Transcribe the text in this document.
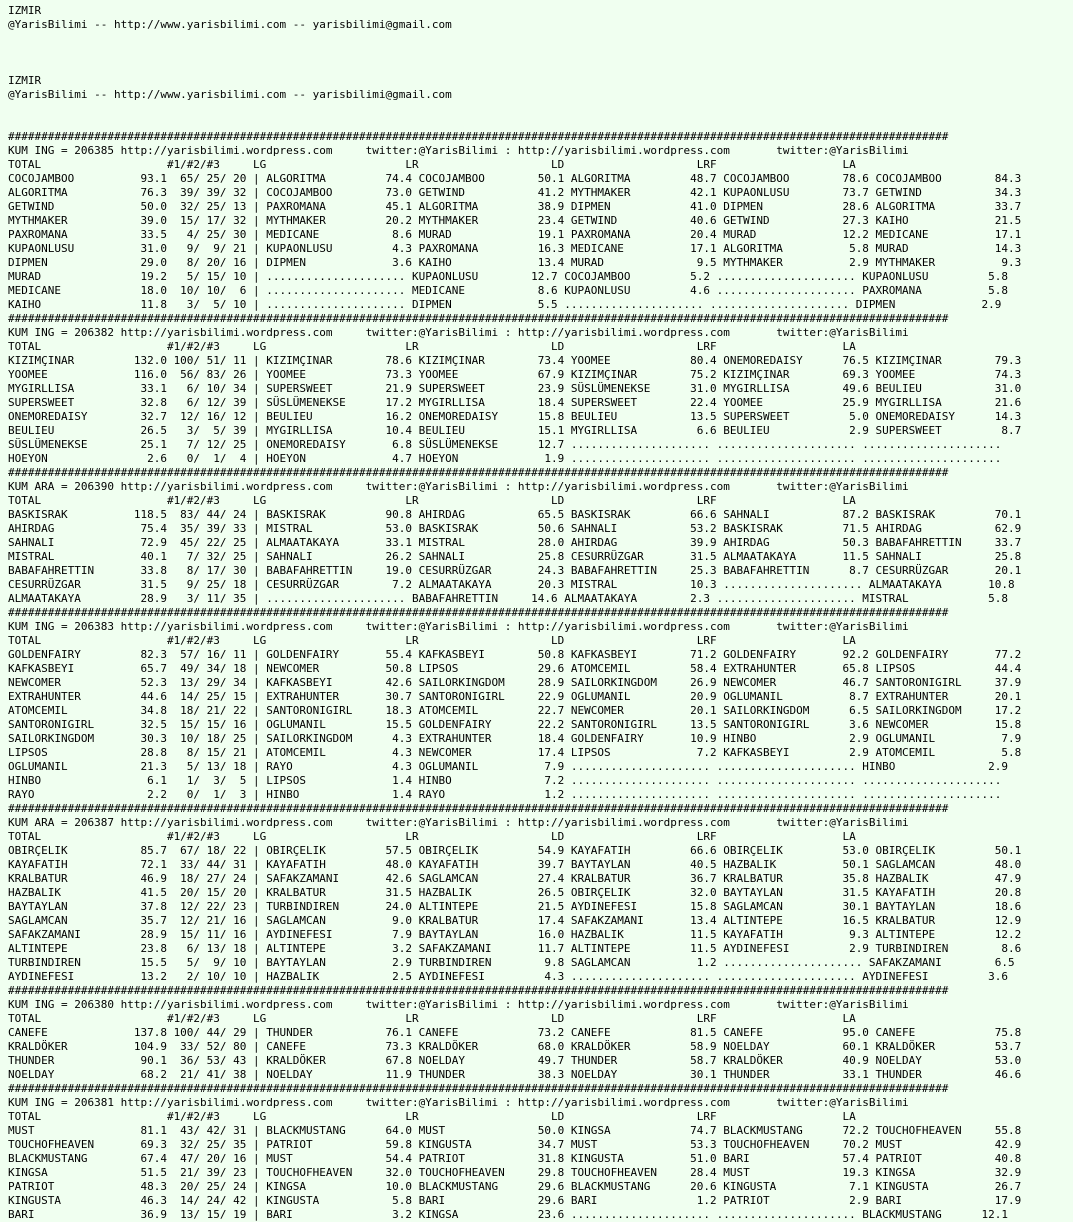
IZMIR
@YarisBilimi -- http://www.yarisbilimi.com -- yarisbilimi@gmail.com
IZMIR
@YarisBilimi -- http://www.yarisbilimi.com -- yarisbilimi@gmail.com
##############################################################################################################################################
KUM ING = 206385 http://yarisbilimi.wordpress.com     twitter:@YarisBilimi : http://yarisbilimi.wordpress.com       twitter:@YarisBilimi
TOTAL                   #1/#2/#3     LG                     LR                    LD                    LRF                   LA
COCOJAMBOO          93.1  65/ 25/ 20 | ALGORITMA         74.4 COCOJAMBOO        50.1 ALGORITMA         48.7 COCOJAMBOO        78.6 COCOJAMBOO        84.3
ALGORITMA           76.3  39/ 39/ 32 | COCOJAMBOO        73.0 GETWIND           41.2 MYTHMAKER         42.1 KUPAONLUSU        73.7 GETWIND           34.3
GETWIND             50.0  32/ 25/ 13 | PAXROMANA         45.1 ALGORITMA         38.9 DIPMEN            41.0 DIPMEN            28.6 ALGORITMA         33.7
MYTHMAKER           39.0  15/ 17/ 32 | MYTHMAKER         20.2 MYTHMAKER         23.4 GETWIND           40.6 GETWIND           27.3 KAIHO             21.5
PAXROMANA           33.5   4/ 25/ 30 | MEDICANE           8.6 MURAD             19.1 PAXROMANA         20.4 MURAD             12.2 MEDICANE          17.1
KUPAONLUSU          31.0   9/  9/ 21 | KUPAONLUSU         4.3 PAXROMANA         16.3 MEDICANE          17.1 ALGORITMA          5.8 MURAD             14.3
DIPMEN              29.0   8/ 20/ 16 | DIPMEN             3.6 KAIHO             13.4 MURAD              9.5 MYTHMAKER          2.9 MYTHMAKER          9.3
MURAD               19.2   5/ 15/ 10 | ..................... KUPAONLUSU        12.7 COCOJAMBOO         5.2 ..................... KUPAONLUSU         5.8
MEDICANE            18.0  10/ 10/  6 | ..................... MEDICANE           8.6 KUPAONLUSU         4.6 ..................... PAXROMANA          5.8
KAIHO               11.8   3/  5/ 10 | ..................... DIPMEN             5.5 ..................... ..................... DIPMEN             2.9
##############################################################################################################################################
KUM ING = 206382 http://yarisbilimi.wordpress.com     twitter:@YarisBilimi : http://yarisbilimi.wordpress.com       twitter:@YarisBilimi
TOTAL                   #1/#2/#3     LG                     LR                    LD                    LRF                   LA
KIZIMÇINAR         132.0 100/ 51/ 11 | KIZIMÇINAR        78.6 KIZIMÇINAR        73.4 YOOMEE            80.4 ONEMOREDAISY      76.5 KIZIMÇINAR        79.3
YOOMEE             116.0  56/ 83/ 26 | YOOMEE            73.3 YOOMEE            67.9 KIZIMÇINAR        75.2 KIZIMÇINAR        69.3 YOOMEE            74.3
MYGIRLLISA          33.1   6/ 10/ 34 | SUPERSWEET        21.9 SUPERSWEET        23.9 SÜSLÜMENEKSE      31.0 MYGIRLLISA        49.6 BEULIEU           31.0
SUPERSWEET          32.8   6/ 12/ 39 | SÜSLÜMENEKSE      17.2 MYGIRLLISA        18.4 SUPERSWEET        22.4 YOOMEE            25.9 MYGIRLLISA        21.6
ONEMOREDAISY        32.7  12/ 16/ 12 | BEULIEU           16.2 ONEMOREDAISY      15.8 BEULIEU           13.5 SUPERSWEET         5.0 ONEMOREDAISY      14.3
BEULIEU             26.5   3/  5/ 39 | MYGIRLLISA        10.4 BEULIEU           15.1 MYGIRLLISA         6.6 BEULIEU            2.9 SUPERSWEET         8.7
SÜSLÜMENEKSE        25.1   7/ 12/ 25 | ONEMOREDAISY       6.8 SÜSLÜMENEKSE      12.7 ..................... ..................... .....................
HOEYON               2.6   0/  1/  4 | HOEYON             4.7 HOEYON             1.9 ..................... ..................... .....................
##############################################################################################################################################
KUM ARA = 206390 http://yarisbilimi.wordpress.com     twitter:@YarisBilimi : http://yarisbilimi.wordpress.com       twitter:@YarisBilimi
TOTAL                   #1/#2/#3     LG                     LR                    LD                    LRF                   LA
BASKISRAK          118.5  83/ 44/ 24 | BASKISRAK         90.8 AHIRDAG           65.5 BASKISRAK         66.6 SAHNALI           87.2 BASKISRAK         70.1
AHIRDAG             75.4  35/ 39/ 33 | MISTRAL           53.0 BASKISRAK         50.6 SAHNALI           53.2 BASKISRAK         71.5 AHIRDAG           62.9
SAHNALI             72.9  45/ 22/ 25 | ALMAATAKAYA       33.1 MISTRAL           28.0 AHIRDAG           39.9 AHIRDAG           50.3 BABAFAHRETTIN     33.7
MISTRAL             40.1   7/ 32/ 25 | SAHNALI           26.2 SAHNALI           25.8 CESURRÜZGAR       31.5 ALMAATAKAYA       11.5 SAHNALI           25.8
BABAFAHRETTIN       33.8   8/ 17/ 30 | BABAFAHRETTIN     19.0 CESURRÜZGAR       24.3 BABAFAHRETTIN     25.3 BABAFAHRETTIN      8.7 CESURRÜZGAR       20.1
CESURRÜZGAR         31.5   9/ 25/ 18 | CESURRÜZGAR        7.2 ALMAATAKAYA       20.3 MISTRAL           10.3 ..................... ALMAATAKAYA       10.8
ALMAATAKAYA         28.9   3/ 11/ 35 | ..................... BABAFAHRETTIN     14.6 ALMAATAKAYA        2.3 ..................... MISTRAL            5.8
##############################################################################################################################################
KUM ING = 206383 http://yarisbilimi.wordpress.com     twitter:@YarisBilimi : http://yarisbilimi.wordpress.com       twitter:@YarisBilimi
TOTAL                   #1/#2/#3     LG                     LR                    LD                    LRF                   LA
GOLDENFAIRY         82.3  57/ 16/ 11 | GOLDENFAIRY       55.4 KAFKASBEYI        50.8 KAFKASBEYI        71.2 GOLDENFAIRY       92.2 GOLDENFAIRY       77.2
KAFKASBEYI          65.7  49/ 34/ 18 | NEWCOMER          50.8 LIPSOS            29.6 ATOMCEMIL         58.4 EXTRAHUNTER       65.8 LIPSOS            44.4
NEWCOMER            52.3  13/ 29/ 34 | KAFKASBEYI        42.6 SAILORKINGDOM     28.9 SAILORKINGDOM     26.9 NEWCOMER          46.7 SANTORONIGIRL     37.9
EXTRAHUNTER         44.6  14/ 25/ 15 | EXTRAHUNTER       30.7 SANTORONIGIRL     22.9 OGLUMANIL         20.9 OGLUMANIL          8.7 EXTRAHUNTER       20.1
ATOMCEMIL           34.8  18/ 21/ 22 | SANTORONIGIRL     18.3 ATOMCEMIL         22.7 NEWCOMER          20.1 SAILORKINGDOM      6.5 SAILORKINGDOM     17.2
SANTORONIGIRL       32.5  15/ 15/ 16 | OGLUMANIL         15.5 GOLDENFAIRY       22.2 SANTORONIGIRL     13.5 SANTORONIGIRL      3.6 NEWCOMER          15.8
SAILORKINGDOM       30.3  10/ 18/ 25 | SAILORKINGDOM      4.3 EXTRAHUNTER       18.4 GOLDENFAIRY       10.9 HINBO              2.9 OGLUMANIL          7.9
LIPSOS              28.8   8/ 15/ 21 | ATOMCEMIL          4.3 NEWCOMER          17.4 LIPSOS             7.2 KAFKASBEYI         2.9 ATOMCEMIL          5.8
OGLUMANIL           21.3   5/ 13/ 18 | RAYO               4.3 OGLUMANIL          7.9 ..................... ..................... HINBO              2.9
HINBO                6.1   1/  3/  5 | LIPSOS             1.4 HINBO              7.2 ..................... ..................... .....................
RAYO                 2.2   0/  1/  3 | HINBO              1.4 RAYO               1.2 ..................... ..................... .....................
##############################################################################################################################################
KUM ARA = 206387 http://yarisbilimi.wordpress.com     twitter:@YarisBilimi : http://yarisbilimi.wordpress.com       twitter:@YarisBilimi
TOTAL                   #1/#2/#3     LG                     LR                    LD                    LRF                   LA
OBIRÇELIK           85.7  67/ 18/ 22 | OBIRÇELIK         57.5 OBIRÇELIK         54.9 KAYAFATIH         66.6 OBIRÇELIK         53.0 OBIRÇELIK         50.1
KAYAFATIH           72.1  33/ 44/ 31 | KAYAFATIH         48.0 KAYAFATIH         39.7 BAYTAYLAN         40.5 HAZBALIK          50.1 SAGLAMCAN         48.0
KRALBATUR           46.9  18/ 27/ 24 | SAFAKZAMANI       42.6 SAGLAMCAN         27.4 KRALBATUR         36.7 KRALBATUR         35.8 HAZBALIK          47.9
HAZBALIK            41.5  20/ 15/ 20 | KRALBATUR         31.5 HAZBALIK          26.5 OBIRÇELIK         32.0 BAYTAYLAN         31.5 KAYAFATIH         20.8
BAYTAYLAN           37.8  12/ 22/ 23 | TURBINDIREN       24.0 ALTINTEPE         21.5 AYDINEFESI        15.8 SAGLAMCAN         30.1 BAYTAYLAN         18.6
SAGLAMCAN           35.7  12/ 21/ 16 | SAGLAMCAN          9.0 KRALBATUR         17.4 SAFAKZAMANI       13.4 ALTINTEPE         16.5 KRALBATUR         12.9
SAFAKZAMANI         28.9  15/ 11/ 16 | AYDINEFESI         7.9 BAYTAYLAN         16.0 HAZBALIK          11.5 KAYAFATIH          9.3 ALTINTEPE         12.2
ALTINTEPE           23.8   6/ 13/ 18 | ALTINTEPE          3.2 SAFAKZAMANI       11.7 ALTINTEPE         11.5 AYDINEFESI         2.9 TURBINDIREN        8.6
TURBINDIREN         15.5   5/  9/ 10 | BAYTAYLAN          2.9 TURBINDIREN        9.8 SAGLAMCAN          1.2 ..................... SAFAKZAMANI        6.5
AYDINEFESI          13.2   2/ 10/ 10 | HAZBALIK           2.5 AYDINEFESI         4.3 ..................... ..................... AYDINEFESI         3.6
##############################################################################################################################################
KUM ING = 206380 http://yarisbilimi.wordpress.com     twitter:@YarisBilimi : http://yarisbilimi.wordpress.com       twitter:@YarisBilimi
TOTAL                   #1/#2/#3     LG                     LR                    LD                    LRF                   LA
CANEFE             137.8 100/ 44/ 29 | THUNDER           76.1 CANEFE            73.2 CANEFE            81.5 CANEFE            95.0 CANEFE            75.8
KRALDÖKER          104.9  33/ 52/ 80 | CANEFE            73.3 KRALDÖKER         68.0 KRALDÖKER         58.9 NOELDAY           60.1 KRALDÖKER         53.7
THUNDER             90.1  36/ 53/ 43 | KRALDÖKER         67.8 NOELDAY           49.7 THUNDER           58.7 KRALDÖKER         40.9 NOELDAY           53.0
NOELDAY             68.2  21/ 41/ 38 | NOELDAY           11.9 THUNDER           38.3 NOELDAY           30.1 THUNDER           33.1 THUNDER           46.6
##############################################################################################################################################
KUM ING = 206381 http://yarisbilimi.wordpress.com     twitter:@YarisBilimi : http://yarisbilimi.wordpress.com       twitter:@YarisBilimi
TOTAL                   #1/#2/#3     LG                     LR                    LD                    LRF                   LA
MUST                81.1  43/ 42/ 31 | BLACKMUSTANG      64.0 MUST              50.0 KINGSA            74.7 BLACKMUSTANG      72.2 TOUCHOFHEAVEN     55.8
TOUCHOFHEAVEN       69.3  32/ 25/ 35 | PATRIOT           59.8 KINGUSTA          34.7 MUST              53.3 TOUCHOFHEAVEN     70.2 MUST              42.9
BLACKMUSTANG        67.4  47/ 20/ 16 | MUST              54.4 PATRIOT           31.8 KINGUSTA          51.0 BARI              57.4 PATRIOT           40.8
KINGSA              51.5  21/ 39/ 23 | TOUCHOFHEAVEN     32.0 TOUCHOFHEAVEN     29.8 TOUCHOFHEAVEN     28.4 MUST              19.3 KINGSA            32.9
PATRIOT             48.3  20/ 25/ 24 | KINGSA            10.0 BLACKMUSTANG      29.6 BLACKMUSTANG      20.6 KINGUSTA           7.1 KINGUSTA          26.7
KINGUSTA            46.3  14/ 24/ 42 | KINGUSTA           5.8 BARI              29.6 BARI               1.2 PATRIOT            2.9 BARI              17.9
BARI                36.9  13/ 15/ 19 | BARI               3.2 KINGSA            23.6 ..................... ..................... BLACKMUSTANG      12.1
